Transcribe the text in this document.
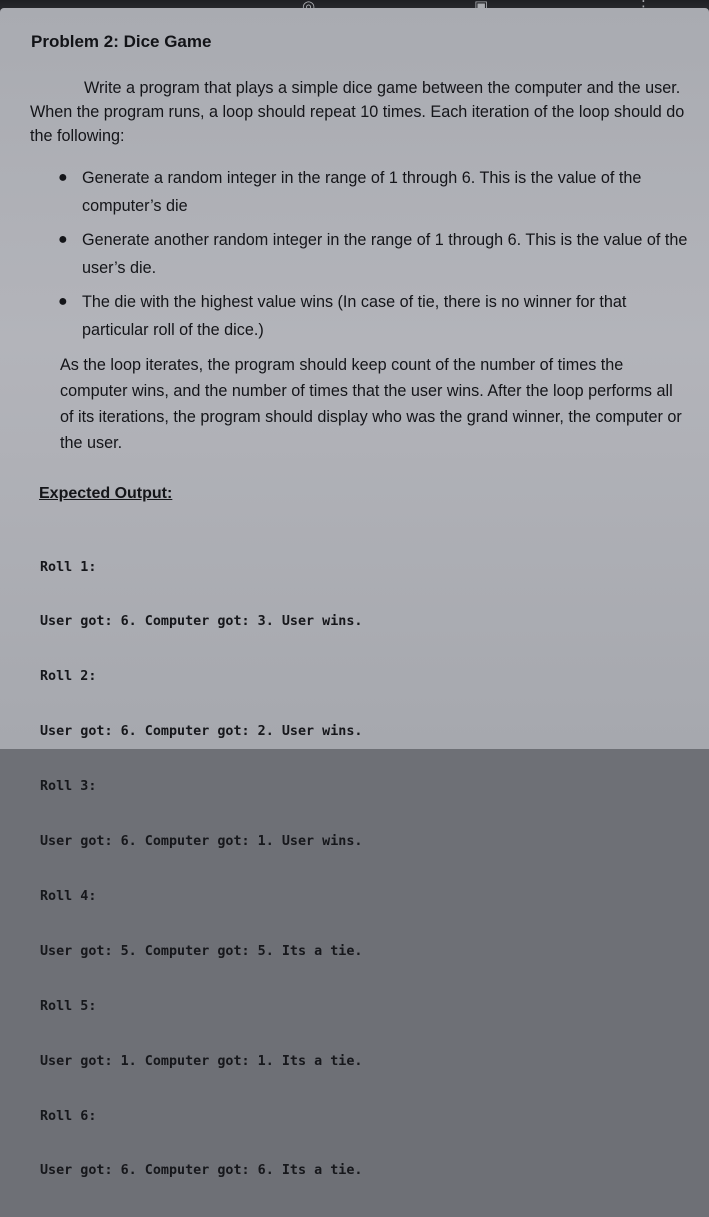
Problem 2: Dice Game

Write a program that plays a simple dice game between the computer and the user. When the program runs, a loop should repeat 10 times. Each iteration of the loop should do the following:

● Generate a random integer in the range of 1 through 6. This is the value of the computer’s die
● Generate another random integer in the range of 1 through 6. This is the value of the user’s die.
● The die with the highest value wins (In case of tie, there is no winner for that particular roll of the dice.)

As the loop iterates, the program should keep count of the number of times the computer wins, and the number of times that the user wins. After the loop performs all of its iterations, the program should display who was the grand winner, the computer or the user.

Expected Output:

Roll 1:

User got: 6. Computer got: 3. User wins.

Roll 2:

User got: 6. Computer got: 2. User wins.

Roll 3:

User got: 6. Computer got: 1. User wins.

Roll 4:

User got: 5. Computer got: 5. Its a tie.

Roll 5:

User got: 1. Computer got: 1. Its a tie.

Roll 6:

User got: 6. Computer got: 6. Its a tie.
